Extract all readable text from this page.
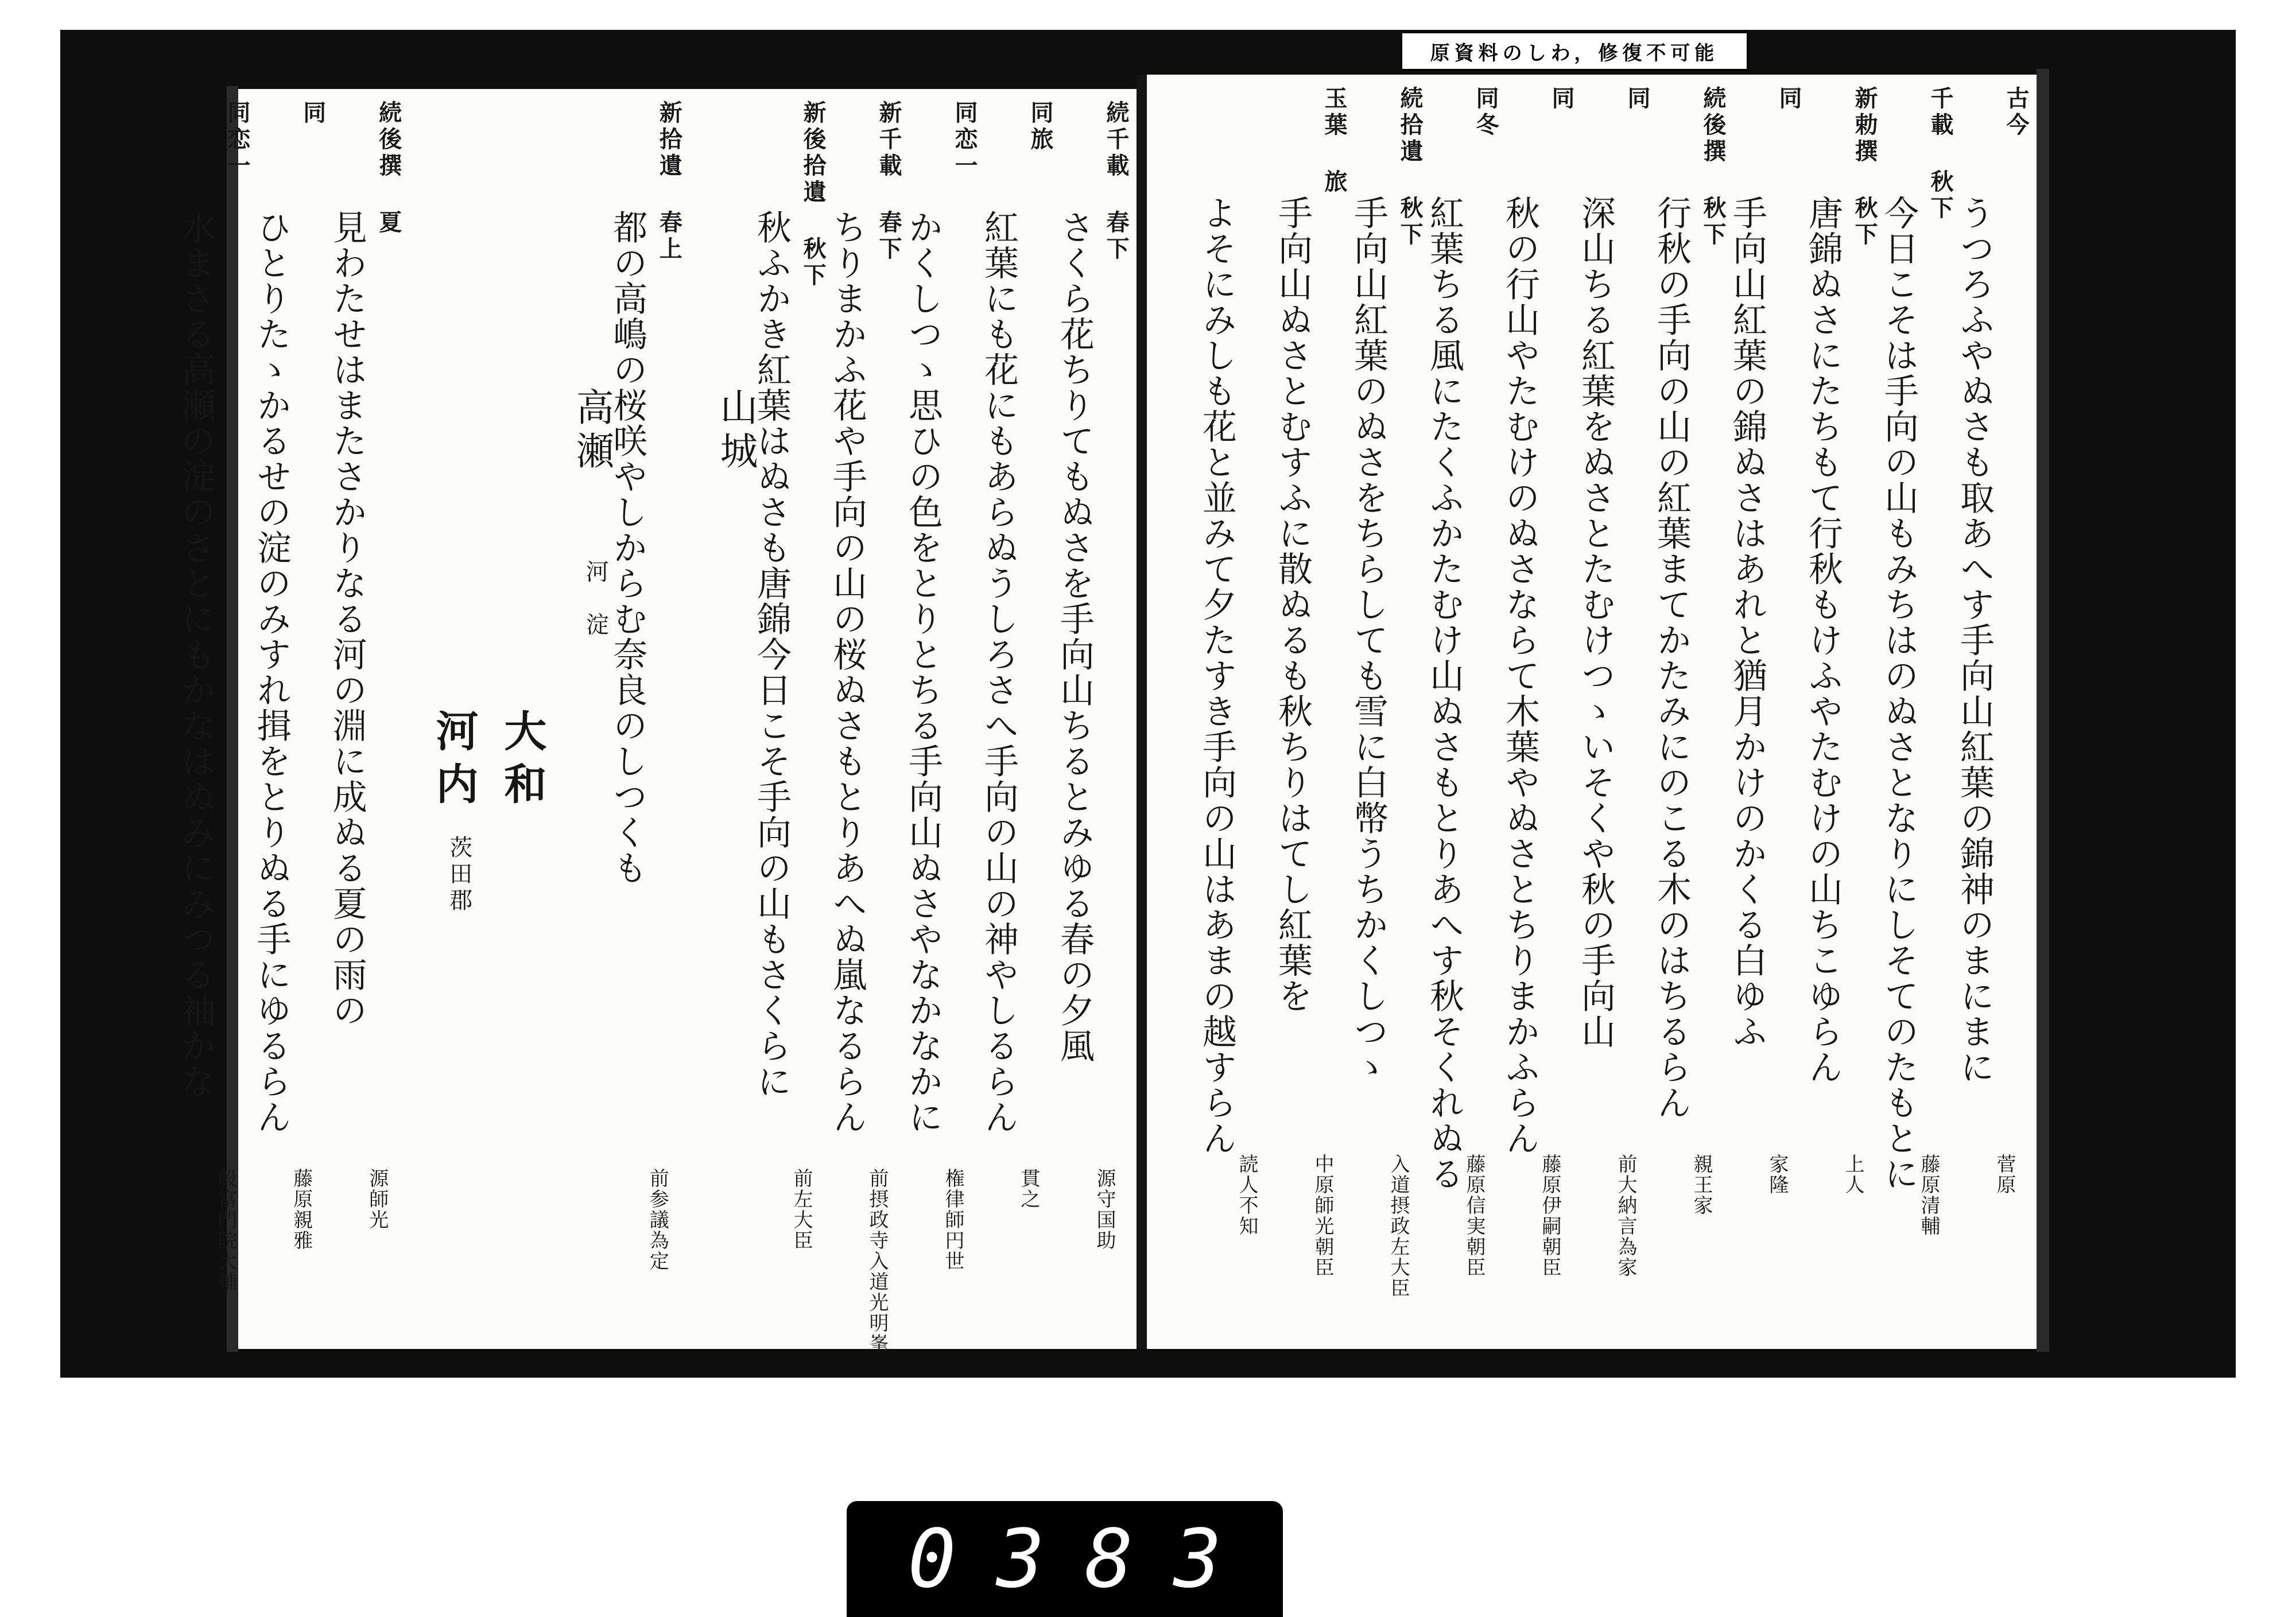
続千載 春下
さくら花ちりてもぬさを手向山ちるとみゆる春の夕風
源守国助
同旅
紅葉にも花にもあらぬうしろさへ手向の山の神やしるらん
貫之
同恋一
かくしつゝ思ひの色をとりとちる手向山ぬさやなかなかに
権律師円世
新千載 春下
ちりまかふ花や手向の山の桜ぬさもとりあへぬ嵐なるらん
前摂政寺入道光明峯
新後拾遺 秋下
秋ふかき紅葉はぬさも唐錦今日こそ手向の山もさくらに
前左大臣
山城
新拾遺 春上
都の高嶋の桜咲やしからむ奈良のしつくも
前参議為定
高瀬
河　淀
大和
河内
茨田郡
続後撰 夏
見わたせはまたさかりなる河の淵に成ぬる夏の雨の
源師光
同
ひとりたゝかるせの淀のみすれ揖をとりぬる手にゆるらん
藤原親雅
同恋一
水まさる高瀬の淀のさとにもかなはぬみにみつる袖かな
殷富門院大輔
古今
うつろふやぬさも取あへす手向山紅葉の錦神のまにまに
菅原
千載 秋下
今日こそは手向の山もみちはのぬさとなりにしそてのたもとに
藤原清輔
新勅撰 秋下
唐錦ぬさにたちもて行秋もけふやたむけの山ちこゆらん
上人
同
手向山紅葉の錦ぬさはあれと猶月かけのかくる白ゆふ
家隆
続後撰 秋下
行秋の手向の山の紅葉まてかたみにのこる木のはちるらん
親王家
同
深山ちる紅葉をぬさとたむけつゝいそくや秋の手向山
前大納言為家
同
秋の行山やたむけのぬさならて木葉やぬさとちりまかふらん
藤原伊嗣朝臣
同冬
紅葉ちる風にたくふかたむけ山ぬさもとりあへす秋そくれぬる
藤原信実朝臣
続拾遺 秋下
手向山紅葉のぬさをちらしても雪に白幣うちかくしつゝ
入道摂政左大臣
玉葉 旅
手向山ぬさとむすふに散ぬるも秋ちりはてし紅葉を
中原師光朝臣
よそにみしも花と並みて夕たすき手向の山はあまの越すらん
読人不知
原資料のしわ，修復不可能
0383
